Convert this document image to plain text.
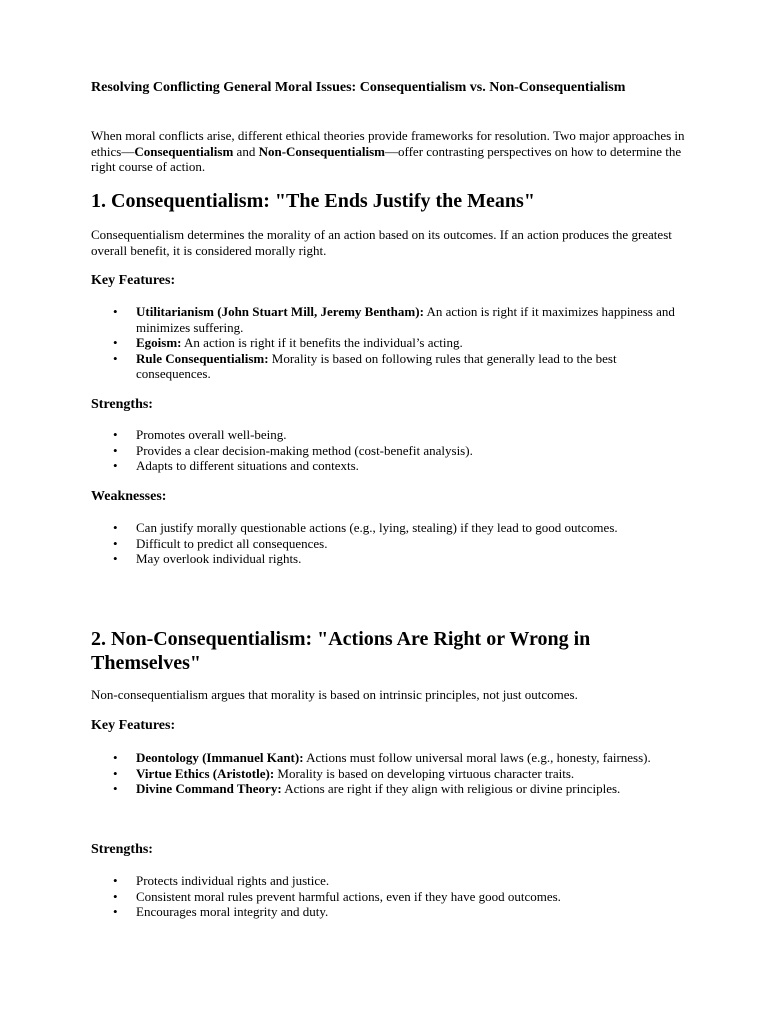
Resolving Conflicting General Moral Issues: Consequentialism vs. Non-Consequentialism

When moral conflicts arise, different ethical theories provide frameworks for resolution. Two major approaches in ethics—Consequentialism and Non-Consequentialism—offer contrasting perspectives on how to determine the right course of action.

1. Consequentialism: "The Ends Justify the Means"

Consequentialism determines the morality of an action based on its outcomes. If an action produces the greatest overall benefit, it is considered morally right.

Key Features:
• Utilitarianism (John Stuart Mill, Jeremy Bentham): An action is right if it maximizes happiness and minimizes suffering.
• Egoism: An action is right if it benefits the individual’s acting.
• Rule Consequentialism: Morality is based on following rules that generally lead to the best consequences.
Strengths:
• Promotes overall well-being.
• Provides a clear decision-making method (cost-benefit analysis).
• Adapts to different situations and contexts.
Weaknesses:
• Can justify morally questionable actions (e.g., lying, stealing) if they lead to good outcomes.
• Difficult to predict all consequences.
• May overlook individual rights.
2. Non-Consequentialism: "Actions Are Right or Wrong in Themselves"

Non-consequentialism argues that morality is based on intrinsic principles, not just outcomes.

Key Features:
• Deontology (Immanuel Kant): Actions must follow universal moral laws (e.g., honesty, fairness).
• Virtue Ethics (Aristotle): Morality is based on developing virtuous character traits.
• Divine Command Theory: Actions are right if they align with religious or divine principles.
Strengths:
• Protects individual rights and justice.
• Consistent moral rules prevent harmful actions, even if they have good outcomes.
• Encourages moral integrity and duty.
